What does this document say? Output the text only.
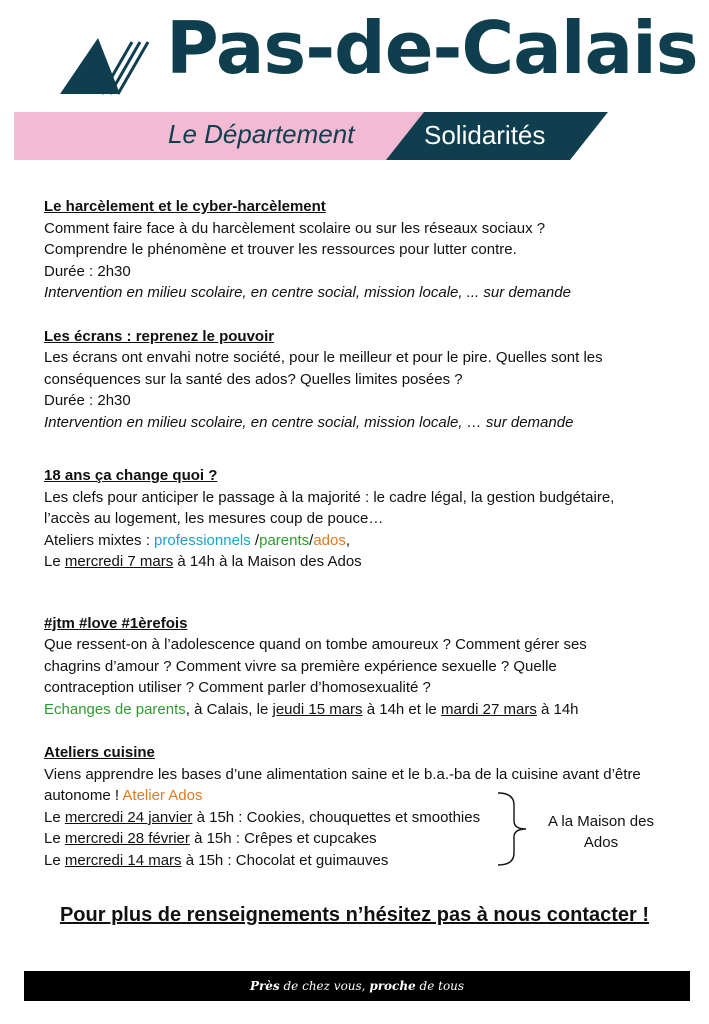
Pas-de-Calais
Le Département	Solidarités
Le harcèlement et le cyber-harcèlement
Comment faire face à du harcèlement scolaire ou sur les réseaux sociaux ?
Comprendre le phénomène et trouver les ressources pour lutter contre.
Durée : 2h30
Intervention en milieu scolaire, en centre social, mission locale, ... sur demande
Les écrans : reprenez le pouvoir
Les écrans ont envahi notre société, pour le meilleur et pour le pire. Quelles sont les
conséquences sur la santé des ados? Quelles limites posées ?
Durée : 2h30
Intervention en milieu scolaire, en centre social, mission locale, … sur demande
18 ans ça change quoi ?
Les clefs pour anticiper le passage à la majorité : le cadre légal, la gestion budgétaire,
l’accès au logement, les mesures coup de pouce…
Ateliers mixtes : professionnels /parents/ados,
Le mercredi 7 mars à 14h à la Maison des Ados
#jtm #love #1èrefois
Que ressent-on à l’adolescence quand on tombe amoureux ? Comment gérer ses
chagrins d’amour ? Comment vivre sa première expérience sexuelle ? Quelle
contraception utiliser ? Comment parler d’homosexualité ?
Echanges de parents, à Calais, le jeudi 15 mars à 14h et le mardi 27 mars à 14h
Ateliers cuisine
Viens apprendre les bases d’une alimentation saine et le b.a.-ba de la cuisine avant d’être
autonome ! Atelier Ados
Le mercredi 24 janvier à 15h : Cookies, chouquettes et smoothies
Le mercredi 28 février à 15h : Crêpes et cupcakes
Le mercredi 14 mars à 15h : Chocolat et guimauves
A la Maison des
Ados
Pour plus de renseignements n’hésitez pas à nous contacter !
Près de chez vous, proche de tous
